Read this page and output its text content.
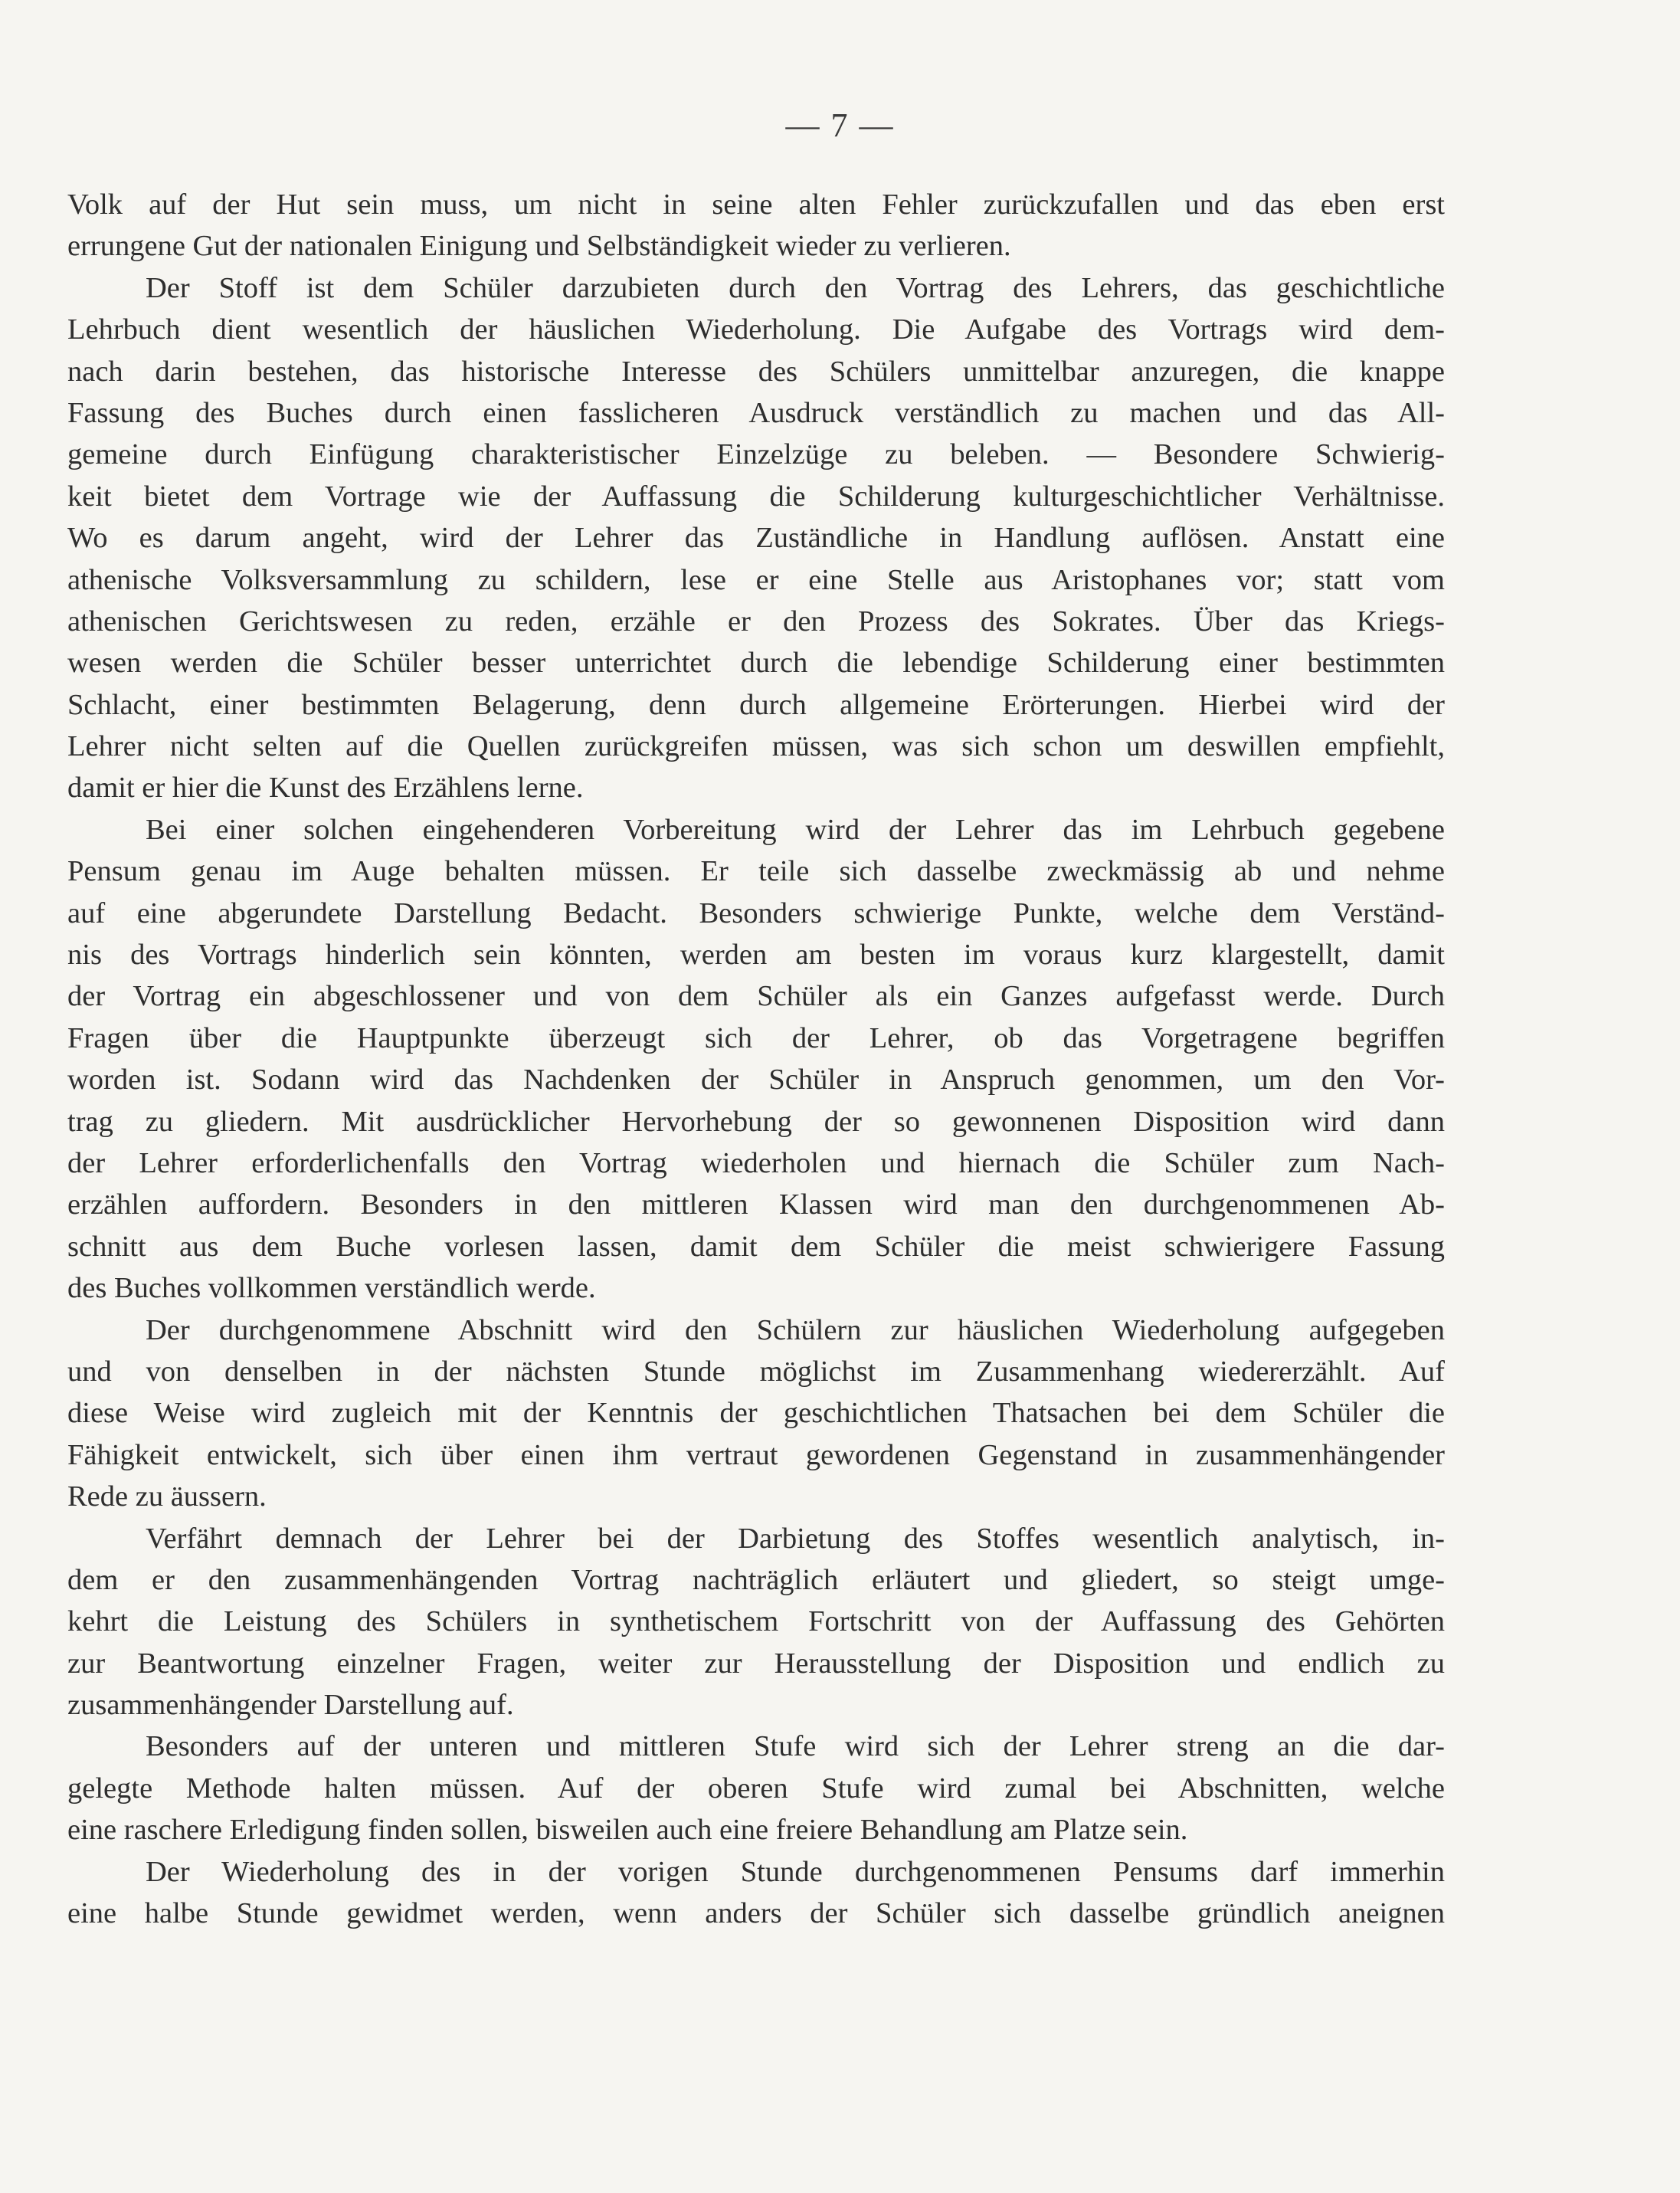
— 7 —
Volk auf der Hut sein muss, um nicht in seine alten Fehler zurückzufallen und das eben erst
errungene Gut der nationalen Einigung und Selbständigkeit wieder zu verlieren.
Der Stoff ist dem Schüler darzubieten durch den Vortrag des Lehrers, das geschichtliche
Lehrbuch dient wesentlich der häuslichen Wiederholung. Die Aufgabe des Vortrags wird dem-
nach darin bestehen, das historische Interesse des Schülers unmittelbar anzuregen, die knappe
Fassung des Buches durch einen fasslicheren Ausdruck verständlich zu machen und das All-
gemeine durch Einfügung charakteristischer Einzelzüge zu beleben. — Besondere Schwierig-
keit bietet dem Vortrage wie der Auffassung die Schilderung kulturgeschichtlicher Verhältnisse.
Wo es darum angeht, wird der Lehrer das Zuständliche in Handlung auflösen. Anstatt eine
athenische Volksversammlung zu schildern, lese er eine Stelle aus Aristophanes vor; statt vom
athenischen Gerichtswesen zu reden, erzähle er den Prozess des Sokrates. Über das Kriegs-
wesen werden die Schüler besser unterrichtet durch die lebendige Schilderung einer bestimmten
Schlacht, einer bestimmten Belagerung, denn durch allgemeine Erörterungen. Hierbei wird der
Lehrer nicht selten auf die Quellen zurückgreifen müssen, was sich schon um deswillen empfiehlt,
damit er hier die Kunst des Erzählens lerne.
Bei einer solchen eingehenderen Vorbereitung wird der Lehrer das im Lehrbuch gegebene
Pensum genau im Auge behalten müssen. Er teile sich dasselbe zweckmässig ab und nehme
auf eine abgerundete Darstellung Bedacht. Besonders schwierige Punkte, welche dem Verständ-
nis des Vortrags hinderlich sein könnten, werden am besten im voraus kurz klargestellt, damit
der Vortrag ein abgeschlossener und von dem Schüler als ein Ganzes aufgefasst werde. Durch
Fragen über die Hauptpunkte überzeugt sich der Lehrer, ob das Vorgetragene begriffen
worden ist. Sodann wird das Nachdenken der Schüler in Anspruch genommen, um den Vor-
trag zu gliedern. Mit ausdrücklicher Hervorhebung der so gewonnenen Disposition wird dann
der Lehrer erforderlichenfalls den Vortrag wiederholen und hiernach die Schüler zum Nach-
erzählen auffordern. Besonders in den mittleren Klassen wird man den durchgenommenen Ab-
schnitt aus dem Buche vorlesen lassen, damit dem Schüler die meist schwierigere Fassung
des Buches vollkommen verständlich werde.
Der durchgenommene Abschnitt wird den Schülern zur häuslichen Wiederholung aufgegeben
und von denselben in der nächsten Stunde möglichst im Zusammenhang wiedererzählt. Auf
diese Weise wird zugleich mit der Kenntnis der geschichtlichen Thatsachen bei dem Schüler die
Fähigkeit entwickelt, sich über einen ihm vertraut gewordenen Gegenstand in zusammenhängender
Rede zu äussern.
Verfährt demnach der Lehrer bei der Darbietung des Stoffes wesentlich analytisch, in-
dem er den zusammenhängenden Vortrag nachträglich erläutert und gliedert, so steigt umge-
kehrt die Leistung des Schülers in synthetischem Fortschritt von der Auffassung des Gehörten
zur Beantwortung einzelner Fragen, weiter zur Herausstellung der Disposition und endlich zu
zusammenhängender Darstellung auf.
Besonders auf der unteren und mittleren Stufe wird sich der Lehrer streng an die dar-
gelegte Methode halten müssen. Auf der oberen Stufe wird zumal bei Abschnitten, welche
eine raschere Erledigung finden sollen, bisweilen auch eine freiere Behandlung am Platze sein.
Der Wiederholung des in der vorigen Stunde durchgenommenen Pensums darf immerhin
eine halbe Stunde gewidmet werden, wenn anders der Schüler sich dasselbe gründlich aneignen
